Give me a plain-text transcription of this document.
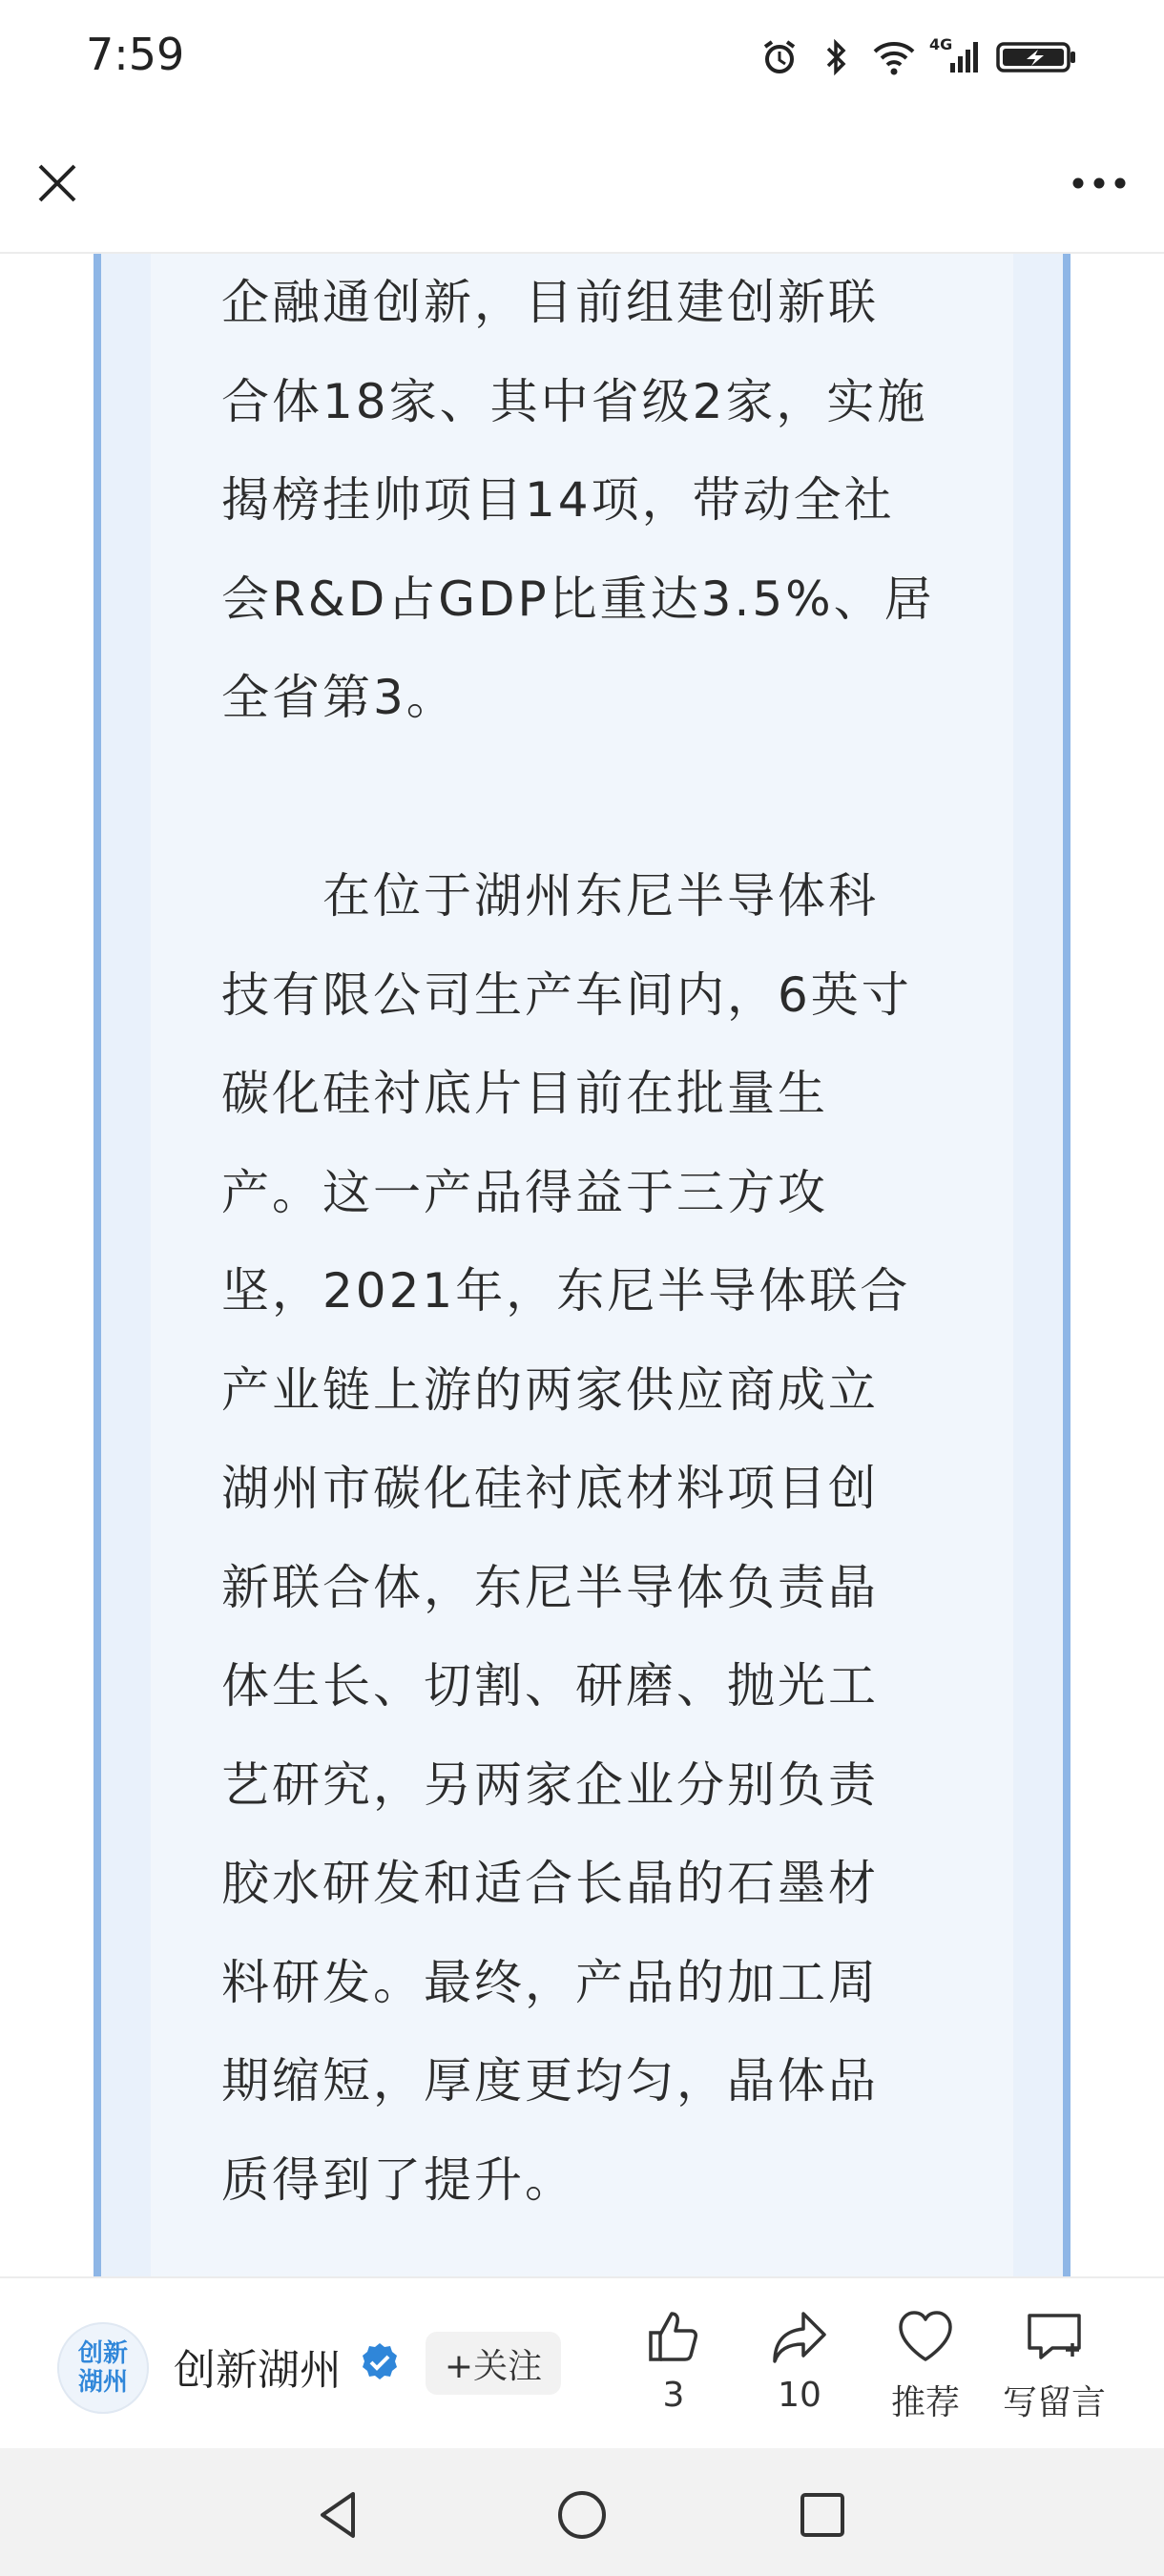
7:59	4G
企融通创新，目前组建创新联
合体18家、其中省级2家，实施
揭榜挂帅项目14项，带动全社
会R&D占GDP比重达3.5%、居
全省第3。
　　在位于湖州东尼半导体科
技有限公司生产车间内，6英寸
碳化硅衬底片目前在批量生
产。这一产品得益于三方攻
坚，2021年，东尼半导体联合
产业链上游的两家供应商成立
湖州市碳化硅衬底材料项目创
新联合体，东尼半导体负责晶
体生长、切割、研磨、抛光工
艺研究，另两家企业分别负责
胶水研发和适合长晶的石墨材
料研发。最终，产品的加工周
期缩短，厚度更均匀，晶体品
质得到了提升。
创新
湖州 创新湖州	+关注
3	10 推荐 写留言
